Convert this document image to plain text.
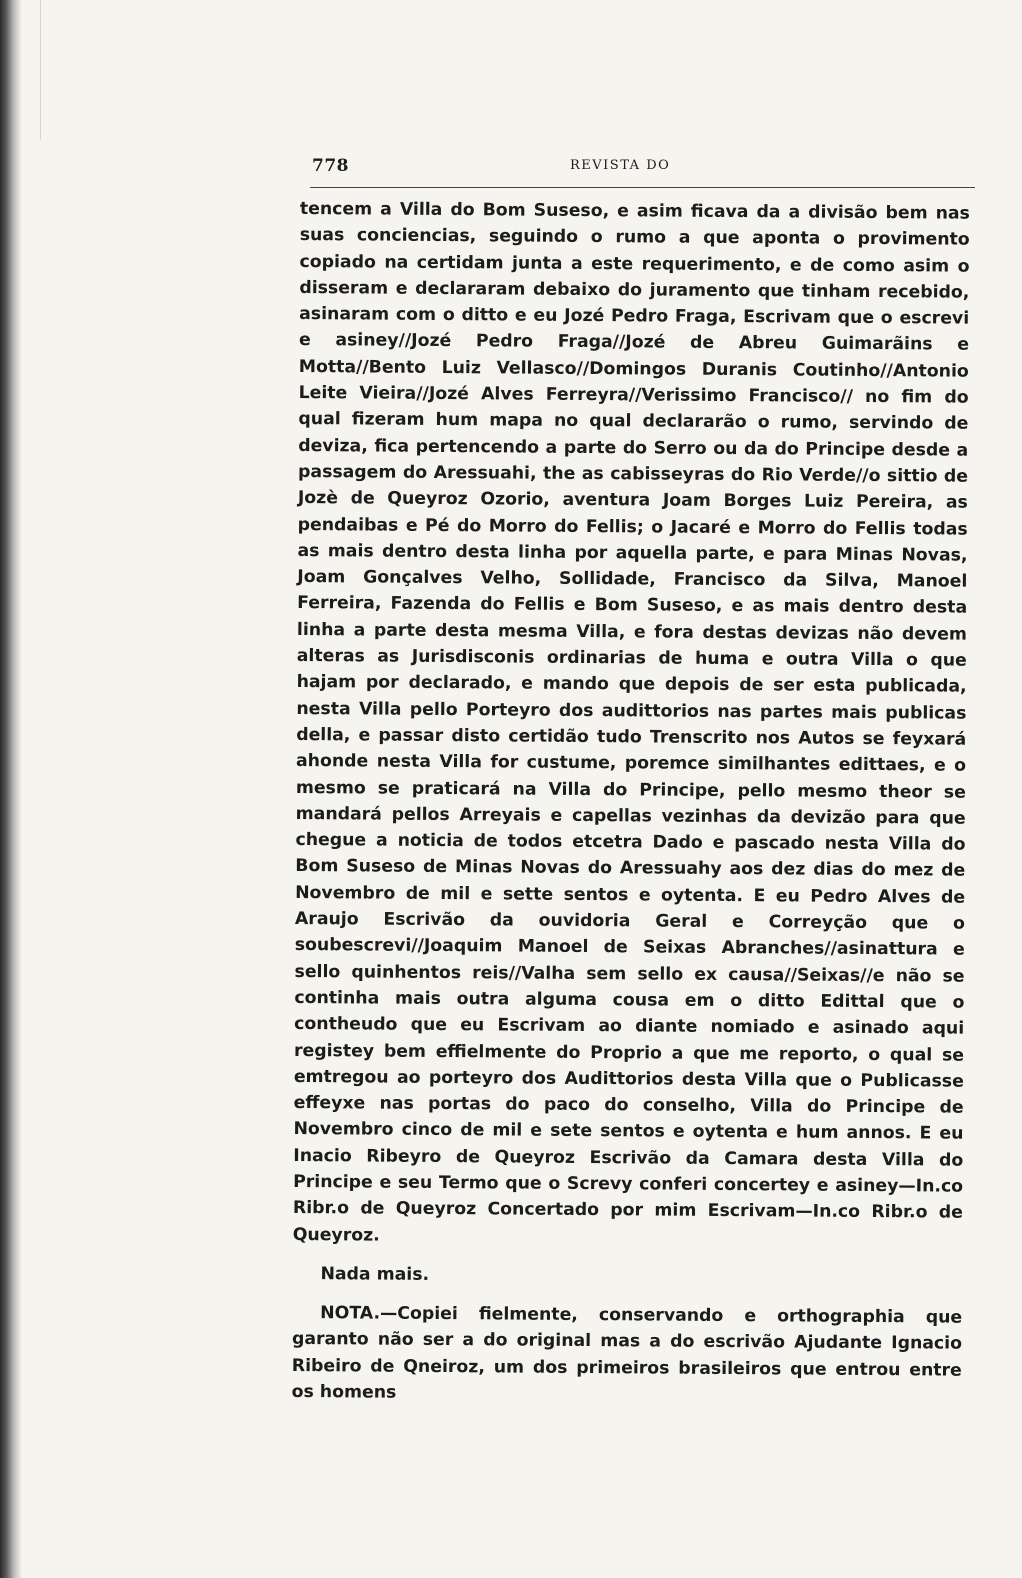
778	REVISTA DO

tencem a Villa do Bom Suseso, e asim ficava da a divisão bem nas suas conciencias, seguindo o rumo a que aponta o provimento copiado na certidam junta a este requerimento, e de como asim o disseram e declararam debaixo do juramento que tinham recebido, asinaram com o ditto e eu Jozé Pedro Fraga, Escrivam que o escrevi e asiney//Jozé Pedro Fraga//Jozé de Abreu Guimarãins e Motta//Bento Luiz Vellasco//Domingos Duranis Coutinho//Antonio Leite Vieira//Jozé Alves Ferreyra//Verissimo Francisco// no fim do qual fizeram hum mapa no qual declararão o rumo, servindo de deviza, fica pertencendo a parte do Serro ou da do Principe desde a passagem do Aressuahi, the as cabisseyras do Rio Verde//o sittio de Jozè de Queyroz Ozorio, aventura Joam Borges Luiz Pereira, as pendaibas e Pé do Morro do Fellis; o Jacaré e Morro do Fellis todas as mais dentro desta linha por aquella parte, e para Minas Novas, Joam Gonçalves Velho, Sollidade, Francisco da Silva, Manoel Ferreira, Fazenda do Fellis e Bom Suseso, e as mais dentro desta linha a parte desta mesma Villa, e fora destas devizas não devem alteras as Jurisdisconis ordinarias de huma e outra Villa o que hajam por declarado, e mando que depois de ser esta publicada, nesta Villa pello Porteyro dos audittorios nas partes mais publicas della, e passar disto certidão tudo Trenscrito nos Autos se feyxará ahonde nesta Villa for custume, poremce similhantes edittaes, e o mesmo se praticará na Villa do Principe, pello mesmo theor se mandará pellos Arreyais e capellas vezinhas da devizão para que chegue a noticia de todos etcetra Dado e pascado nesta Villa do Bom Suseso de Minas Novas do Aressuahy aos dez dias do mez de Novembro de mil e sette sentos e oytenta. E eu Pedro Alves de Araujo Escrivão da ouvidoria Geral e Correyção que o soubescrevi//Joaquim Manoel de Seixas Abranches//asinattura e sello quinhentos reis//Valha sem sello ex causa//Seixas//e não se continha mais outra alguma cousa em o ditto Edittal que o contheudo que eu Escrivam ao diante nomiado e asinado aqui registey bem effielmente do Proprio a que me reporto, o qual se emtregou ao porteyro dos Audittorios desta Villa que o Publicasse effeyxe nas portas do paco do conselho, Villa do Principe de Novembro cinco de mil e sete sentos e oytenta e hum annos. E eu Inacio Ribeyro de Queyroz Escrivão da Camara desta Villa do Principe e seu Termo que o Screvy conferi concertey e asiney—In.co Ribr.o de Queyroz Concertado por mim Escrivam—In.co Ribr.o de Queyroz.

Nada mais.

NOTA.—Copiei fielmente, conservando e orthographia que garanto não ser a do original mas a do escrivão Ajudante Ignacio Ribeiro de Qneiroz, um dos primeiros brasileiros que entrou entre os homens
